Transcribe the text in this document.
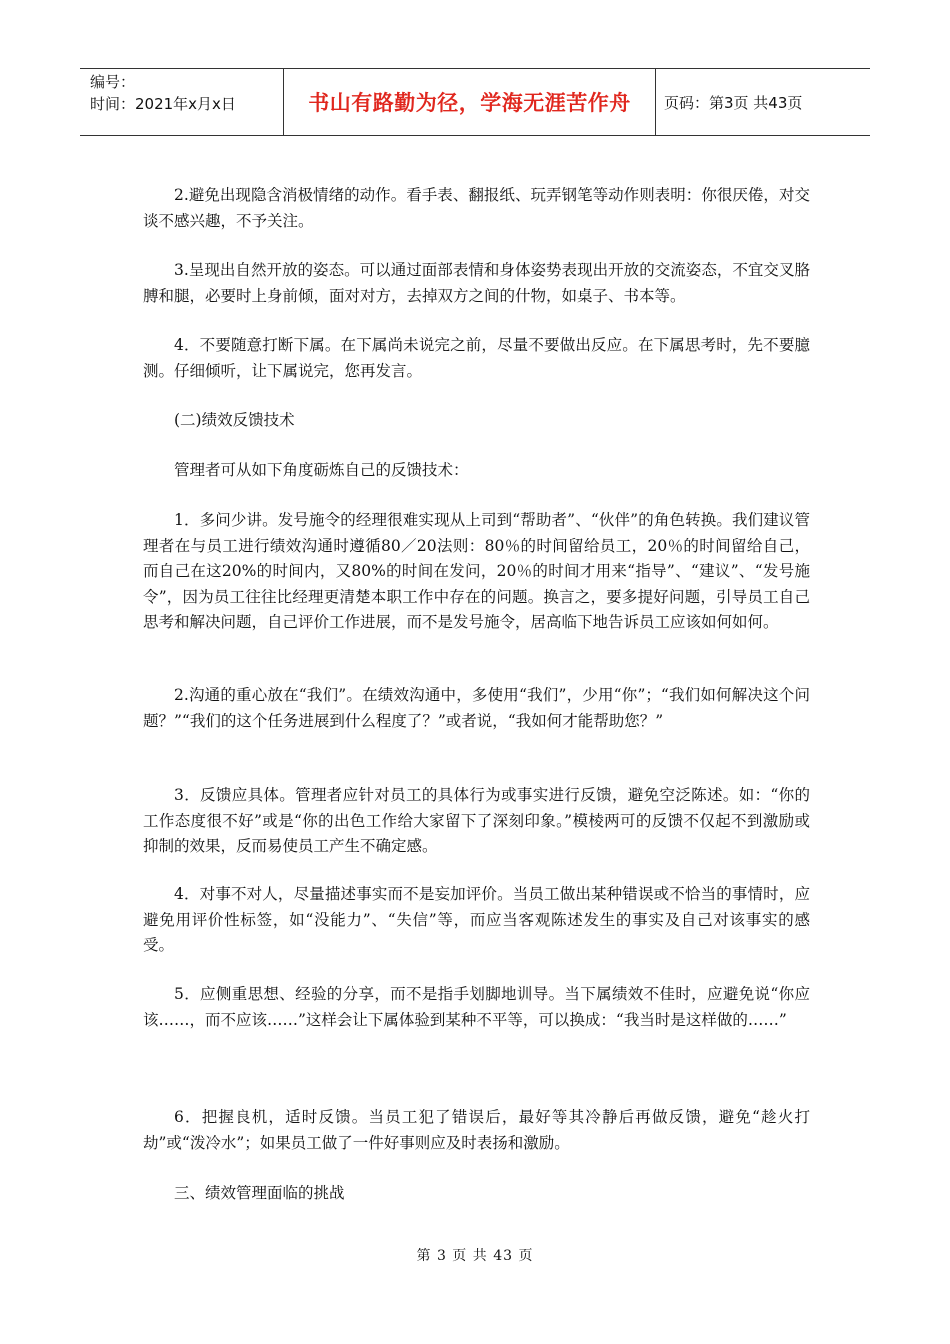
编号：
时间：2021年x月x日	书山有路勤为径，学海无涯苦作舟	页码：第3页 共43页

2.避免出现隐含消极情绪的动作。看手表、翻报纸、玩弄钢笔等动作则表明：你很厌倦，对交谈不感兴趣，不予关注。

3.呈现出自然开放的姿态。可以通过面部表情和身体姿势表现出开放的交流姿态，不宜交叉胳膊和腿，必要时上身前倾，面对对方，去掉双方之间的什物，如桌子、书本等。

4．不要随意打断下属。在下属尚未说完之前，尽量不要做出反应。在下属思考时，先不要臆测。仔细倾听，让下属说完，您再发言。

(二)绩效反馈技术

管理者可从如下角度砺炼自己的反馈技术：

1．多问少讲。发号施令的经理很难实现从上司到“帮助者”、“伙伴”的角色转换。我们建议管理者在与员工进行绩效沟通时遵循80／20法则：80％的时间留给员工，20％的时间留给自己，而自己在这20%的时间内，又80%的时间在发问，20％的时间才用来“指导”、“建议”、“发号施令”，因为员工往往比经理更清楚本职工作中存在的问题。换言之，要多提好问题，引导员工自己思考和解决问题，自己评价工作进展，而不是发号施令，居高临下地告诉员工应该如何如何。

2.沟通的重心放在“我们”。在绩效沟通中，多使用“我们”，少用“你”；“我们如何解决这个问题？”“我们的这个任务进展到什么程度了？”或者说，“我如何才能帮助您？”

3．反馈应具体。管理者应针对员工的具体行为或事实进行反馈，避免空泛陈述。如：“你的工作态度很不好”或是“你的出色工作给大家留下了深刻印象。”模棱两可的反馈不仅起不到激励或抑制的效果，反而易使员工产生不确定感。

4．对事不对人，尽量描述事实而不是妄加评价。当员工做出某种错误或不恰当的事情时，应避免用评价性标签，如“没能力”、“失信”等，而应当客观陈述发生的事实及自己对该事实的感受。

5．应侧重思想、经验的分享，而不是指手划脚地训导。当下属绩效不佳时，应避免说“你应该……，而不应该……”这样会让下属体验到某种不平等，可以换成：“我当时是这样做的……”

6．把握良机，适时反馈。当员工犯了错误后，最好等其冷静后再做反馈，避免“趁火打劫”或“泼冷水”；如果员工做了一件好事则应及时表扬和激励。

三、绩效管理面临的挑战

第 3 页 共 43 页
